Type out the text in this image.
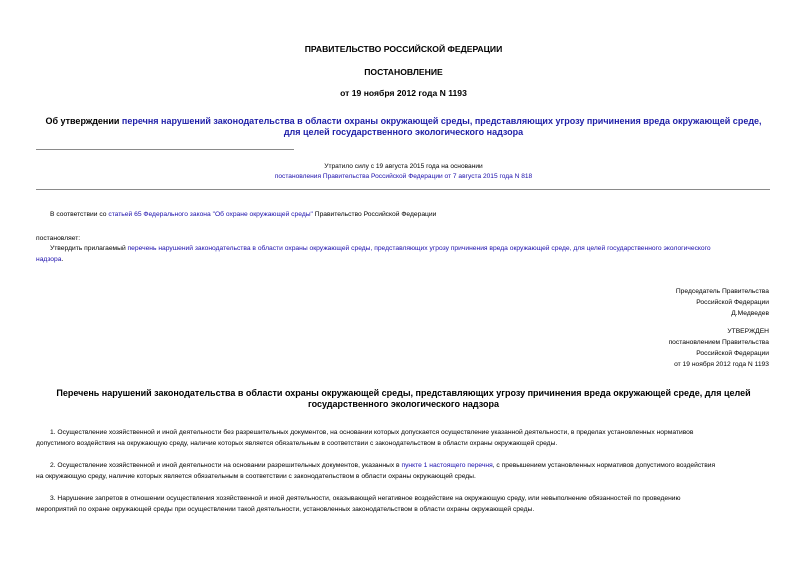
ПРАВИТЕЛЬСТВО РОССИЙСКОЙ ФЕДЕРАЦИИ
ПОСТАНОВЛЕНИЕ
от 19 ноября 2012 года N 1193
Об утверждении перечня нарушений законодательства в области охраны окружающей среды, представляющих угрозу причинения вреда окружающей среде,
для целей государственного экологического надзора
Утратило силу с 19 августа 2015 года на основании
постановления Правительства Российской Федерации от 7 августа 2015 года N 818
В соответствии со статьей 65 Федерального закона "Об охране окружающей среды" Правительство Российской Федерации
постановляет:
Утвердить прилагаемый перечень нарушений законодательства в области охраны окружающей среды, представляющих угрозу причинения вреда окружающей среде, для целей государственного экологического
надзора.
Председатель Правительства
Российской Федерации
Д.Медведев
УТВЕРЖДЕН
постановлением Правительства
Российской Федерации
от 19 ноября 2012 года N 1193
Перечень нарушений законодательства в области охраны окружающей среды, представляющих угрозу причинения вреда окружающей среде, для целей
государственного экологического надзора
1. Осуществление хозяйственной и иной деятельности без разрешительных документов, на основании которых допускается осуществление указанной деятельности, в пределах установленных нормативов
допустимого воздействия на окружающую среду, наличие которых является обязательным в соответствии с законодательством в области охраны окружающей среды.
2. Осуществление хозяйственной и иной деятельности на основании разрешительных документов, указанных в пункте 1 настоящего перечня, с превышением установленных нормативов допустимого воздействия
на окружающую среду, наличие которых является обязательным в соответствии с законодательством в области охраны окружающей среды.
3. Нарушение запретов в отношении осуществления хозяйственной и иной деятельности, оказывающей негативное воздействие на окружающую среду, или невыполнение обязанностей по проведению
мероприятий по охране окружающей среды при осуществлении такой деятельности, установленных законодательством в области охраны окружающей среды.
